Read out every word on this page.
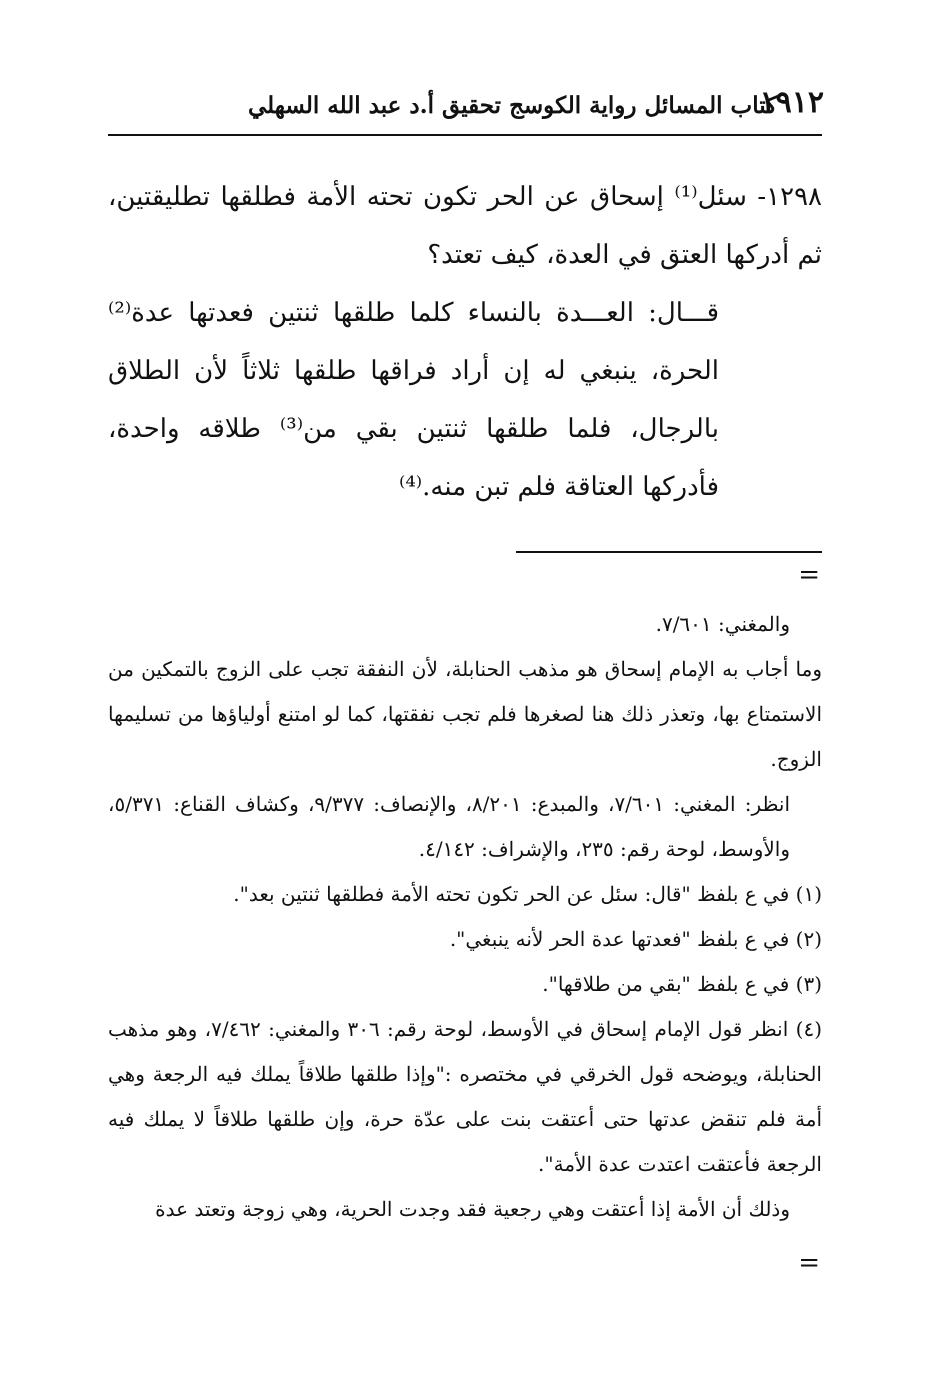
١٩١٢
كتاب المسائل رواية الكوسج تحقيق أ.د عبد الله السهلي

١٢٩٨- سئل⁽¹⁾ إسحاق عن الحر تكون تحته الأمة فطلقها تطليقتين، ثم أدركها العتق في العدة، كيف تعتد؟

قـــال: العـــدة بالنساء كلما طلقها ثنتين فعدتها عدة⁽²⁾ الحرة، ينبغي له إن أراد فراقها طلقها ثلاثاً لأن الطلاق بالرجال، فلما طلقها ثنتين بقي من⁽³⁾ طلاقه واحدة، فأدركها العتاقة فلم تبن منه.⁽⁴⁾

=

والمغني: ٧/٦٠١.

وما أجاب به الإمام إسحاق هو مذهب الحنابلة، لأن النفقة تجب على الزوج بالتمكين من الاستمتاع بها، وتعذر ذلك هنا لصغرها فلم تجب نفقتها، كما لو امتنع أولياؤها من تسليمها الزوج.

انظر: المغني: ٧/٦٠١، والمبدع: ٨/٢٠١، والإنصاف: ٩/٣٧٧، وكشاف القناع: ٥/٣٧١، والأوسط، لوحة رقم: ٢٣٥، والإشراف: ٤/١٤٢.

(١) في ع بلفظ "قال: سئل عن الحر تكون تحته الأمة فطلقها ثنتين بعد".

(٢) في ع بلفظ "فعدتها عدة الحر لأنه ينبغي".

(٣) في ع بلفظ "بقي من طلاقها".

(٤) انظر قول الإمام إسحاق في الأوسط، لوحة رقم: ٣٠٦ والمغني: ٧/٤٦٢، وهو مذهب الحنابلة، ويوضحه قول الخرقي في مختصره :"وإذا طلقها طلاقاً يملك فيه الرجعة وهي أمة فلم تنقض عدتها حتى أعتقت بنت على عدّة حرة، وإن طلقها طلاقاً لا يملك فيه الرجعة فأعتقت اعتدت عدة الأمة".

وذلك أن الأمة إذا أعتقت وهي رجعية فقد وجدت الحرية، وهي زوجة وتعتد عدة

=
